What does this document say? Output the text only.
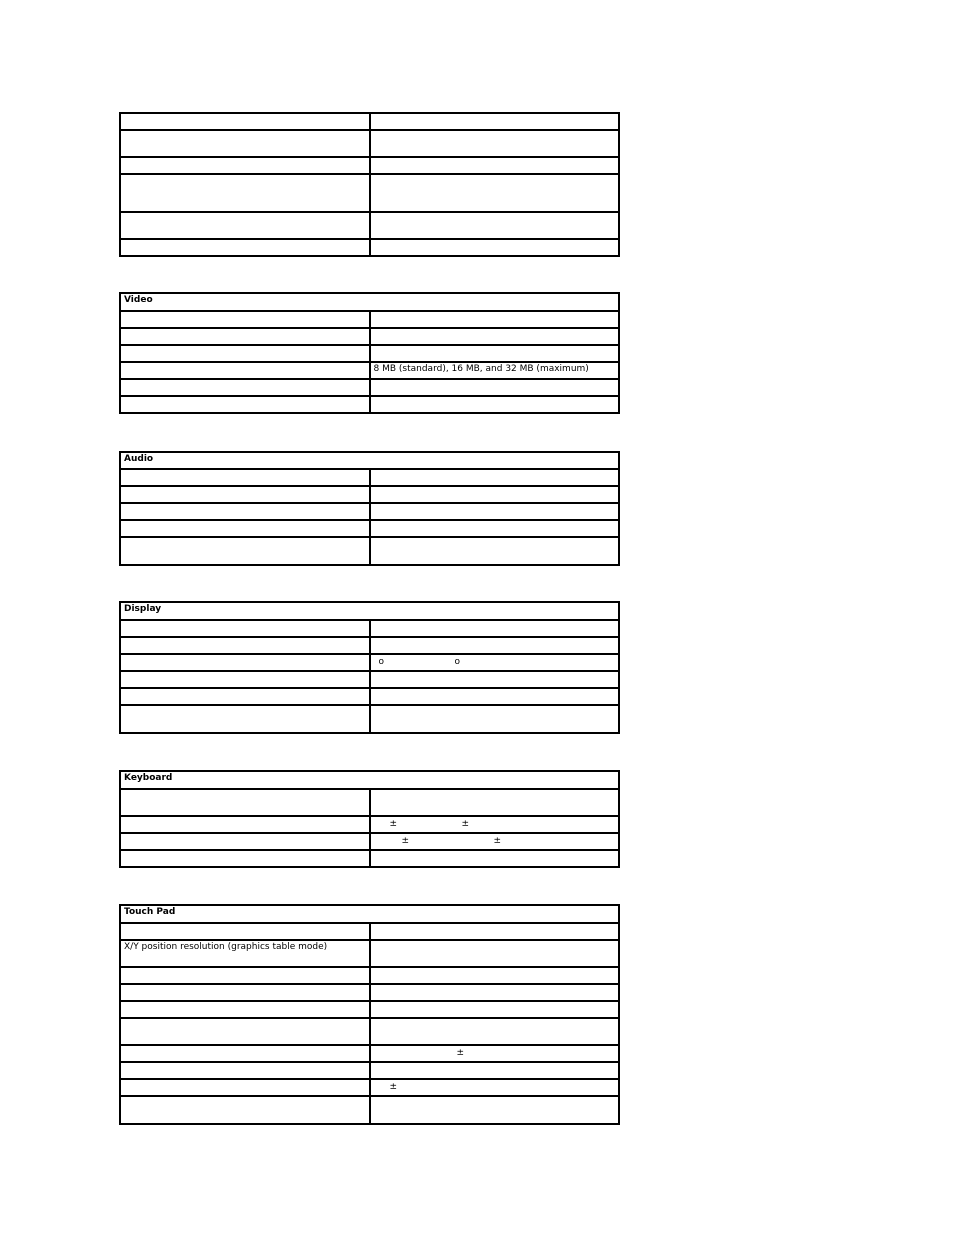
Video	

	8 MB (standard), 16 MB, and 32 MB (maximum)

Audio	

Display	

	o o

Keyboard	

	± ±

	± ±

Touch Pad	

X/Y position resolution (graphics table mode)	

	±

	±
